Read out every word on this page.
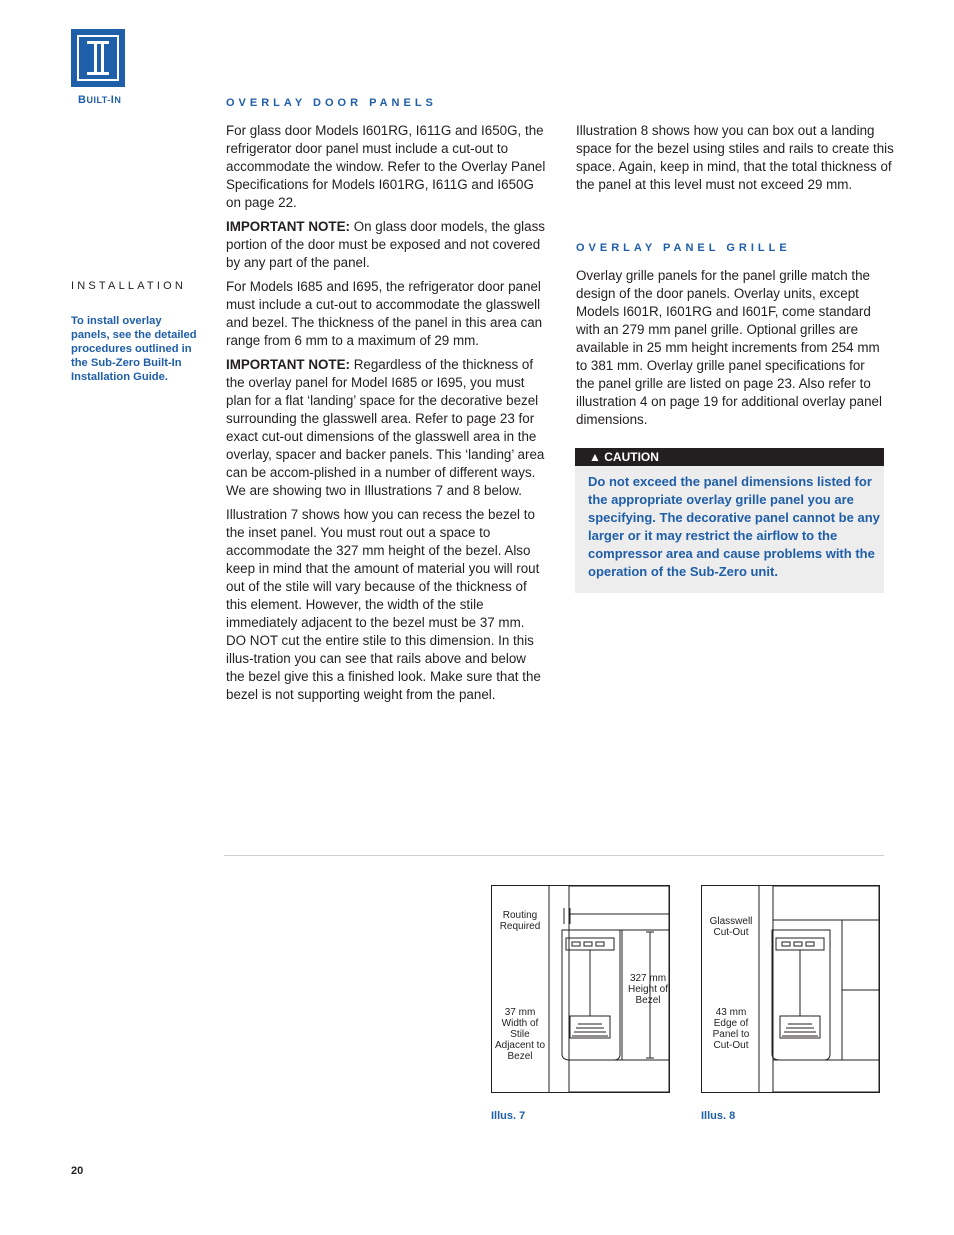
BUILT-IN	OVERLAY DOOR PANELS
INSTALLATION
To install overlay panels, see the detailed procedures outlined in the Sub-Zero Built-In Installation Guide.

For glass door Models I601RG, I611G and I650G, the refrigerator door panel must include a cut-out to accommodate the window. Refer to the Overlay Panel Specifications for Models I601RG, I611G and I650G on page 22.

IMPORTANT NOTE: On glass door models, the glass portion of the door must be exposed and not covered by any part of the panel.

For Models I685 and I695, the refrigerator door panel must include a cut-out to accommodate the glasswell and bezel. The thickness of the panel in this area can range from 6 mm to a maximum of 29 mm.

IMPORTANT NOTE: Regardless of the thickness of the overlay panel for Model I685 or I695, you must plan for a flat ‘landing’ space for the decorative bezel surrounding the glasswell area. Refer to page 23 for exact cut-out dimensions of the glasswell area in the overlay, spacer and backer panels. This ‘landing’ area can be accom-plished in a number of different ways. We are showing two in Illustrations 7 and 8 below.

Illustration 7 shows how you can recess the bezel to the inset panel. You must rout out a space to accommodate the 327 mm height of the bezel. Also keep in mind that the amount of material you will rout out of the stile will vary because of the thickness of this element. However, the width of the stile immediately adjacent to the bezel must be 37 mm. DO NOT cut the entire stile to this dimension. In this illus-tration you can see that rails above and below the bezel give this a finished look. Make sure that the bezel is not supporting weight from the panel.

Illustration 8 shows how you can box out a landing space for the bezel using stiles and rails to create this space. Again, keep in mind, that the total thickness of the panel at this level must not exceed 29 mm.

OVERLAY PANEL GRILLE

Overlay grille panels for the panel grille match the design of the door panels. Overlay units, except Models I601R, I601RG and I601F, come standard with an 279 mm panel grille. Optional grilles are available in 25 mm height increments from 254 mm to 381 mm. Overlay grille panel specifications for the panel grille are listed on page 23. Also refer to illustration 4 on page 19 for additional overlay panel dimensions.

▲ CAUTION
Do not exceed the panel dimensions listed for the appropriate overlay grille panel you are specifying. The decorative panel cannot be any larger or it may restrict the airflow to the compressor area and cause problems with the operation of the Sub-Zero unit.
Routing Required
37 mm Width of Stile Adjacent to Bezel
327 mm Height of Bezel
Illus. 7
Glasswell Cut-Out
43 mm Edge of Panel to Cut-Out
Illus. 8
20
